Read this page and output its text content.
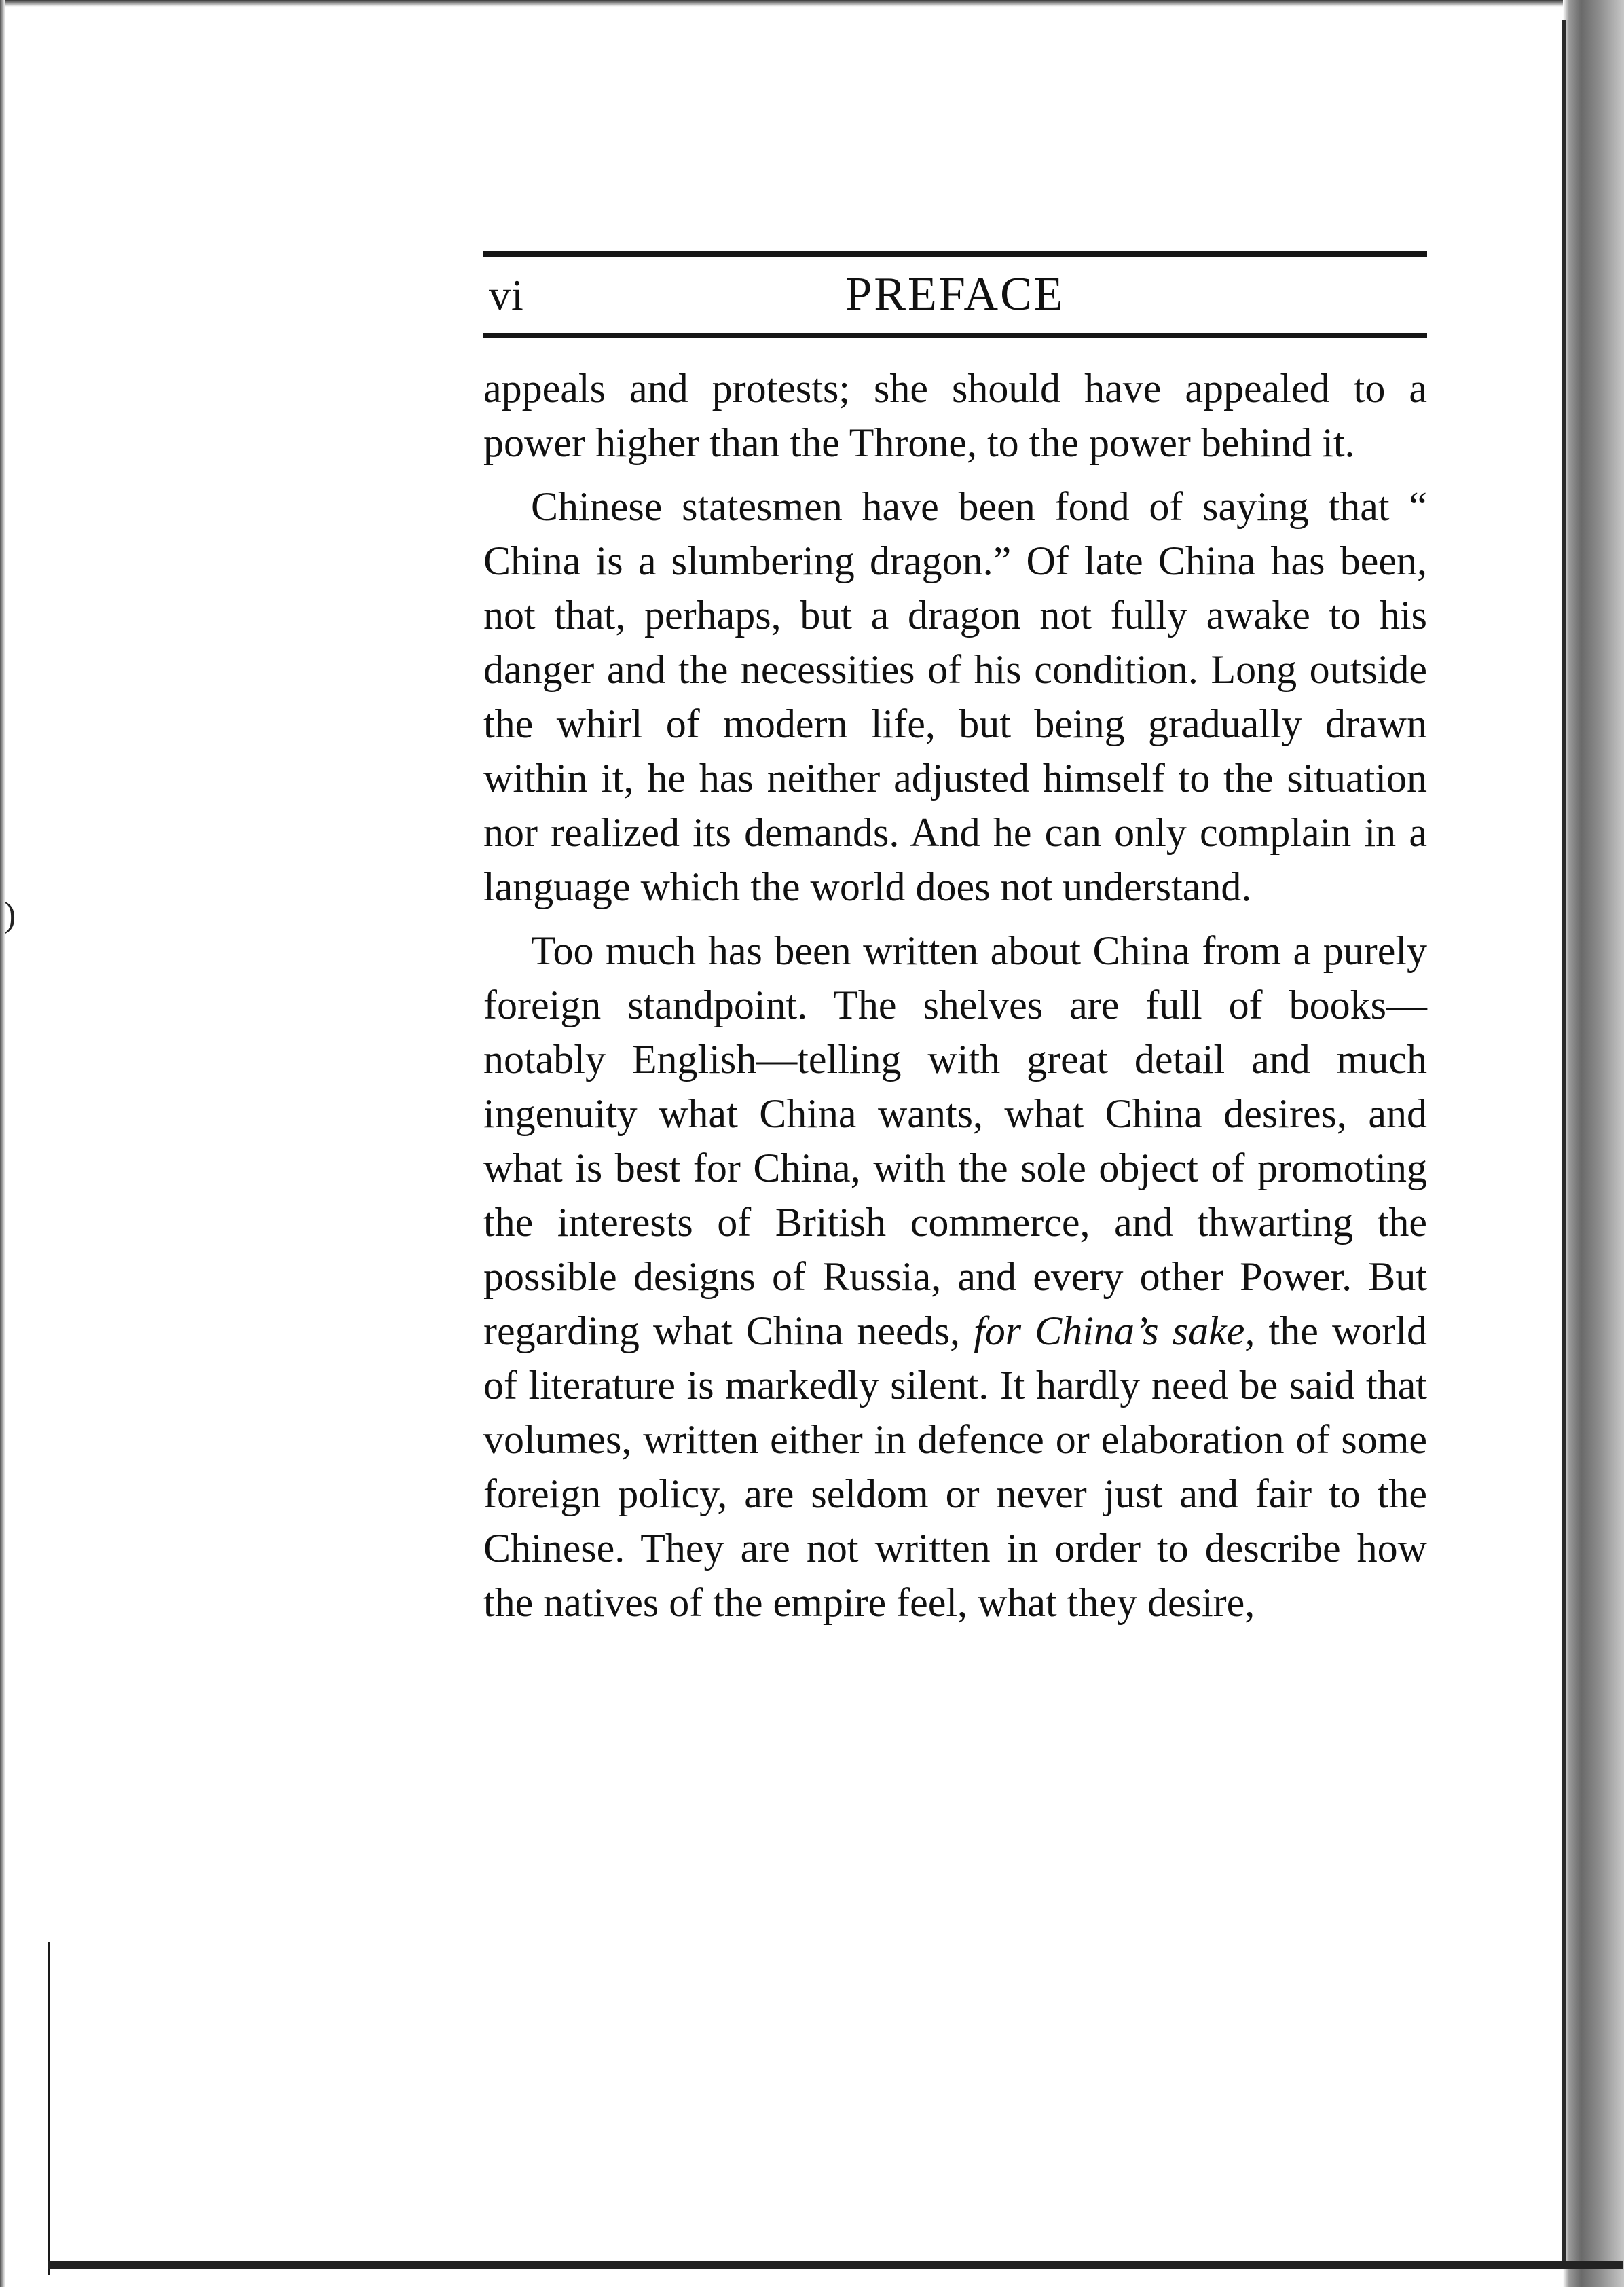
)
vi	PREFACE

appeals and protests; she should have appealed to a power higher than the Throne, to the power behind it.

Chinese statesmen have been fond of saying that “ China is a slumbering dragon.” Of late China has been, not that, perhaps, but a dragon not fully awake to his danger and the necessities of his condition. Long outside the whirl of modern life, but being gradually drawn within it, he has neither adjusted himself to the situation nor realized its demands. And he can only complain in a language which the world does not understand.

Too much has been written about China from a purely foreign standpoint. The shelves are full of books—notably English—telling with great detail and much ingenuity what China wants, what China desires, and what is best for China, with the sole object of promoting the interests of British commerce, and thwarting the possible designs of Russia, and every other Power. But regarding what China needs, for China’s sake, the world of literature is markedly silent. It hardly need be said that volumes, written either in defence or elaboration of some foreign policy, are seldom or never just and fair to the Chinese. They are not written in order to describe how the natives of the empire feel, what they desire,
